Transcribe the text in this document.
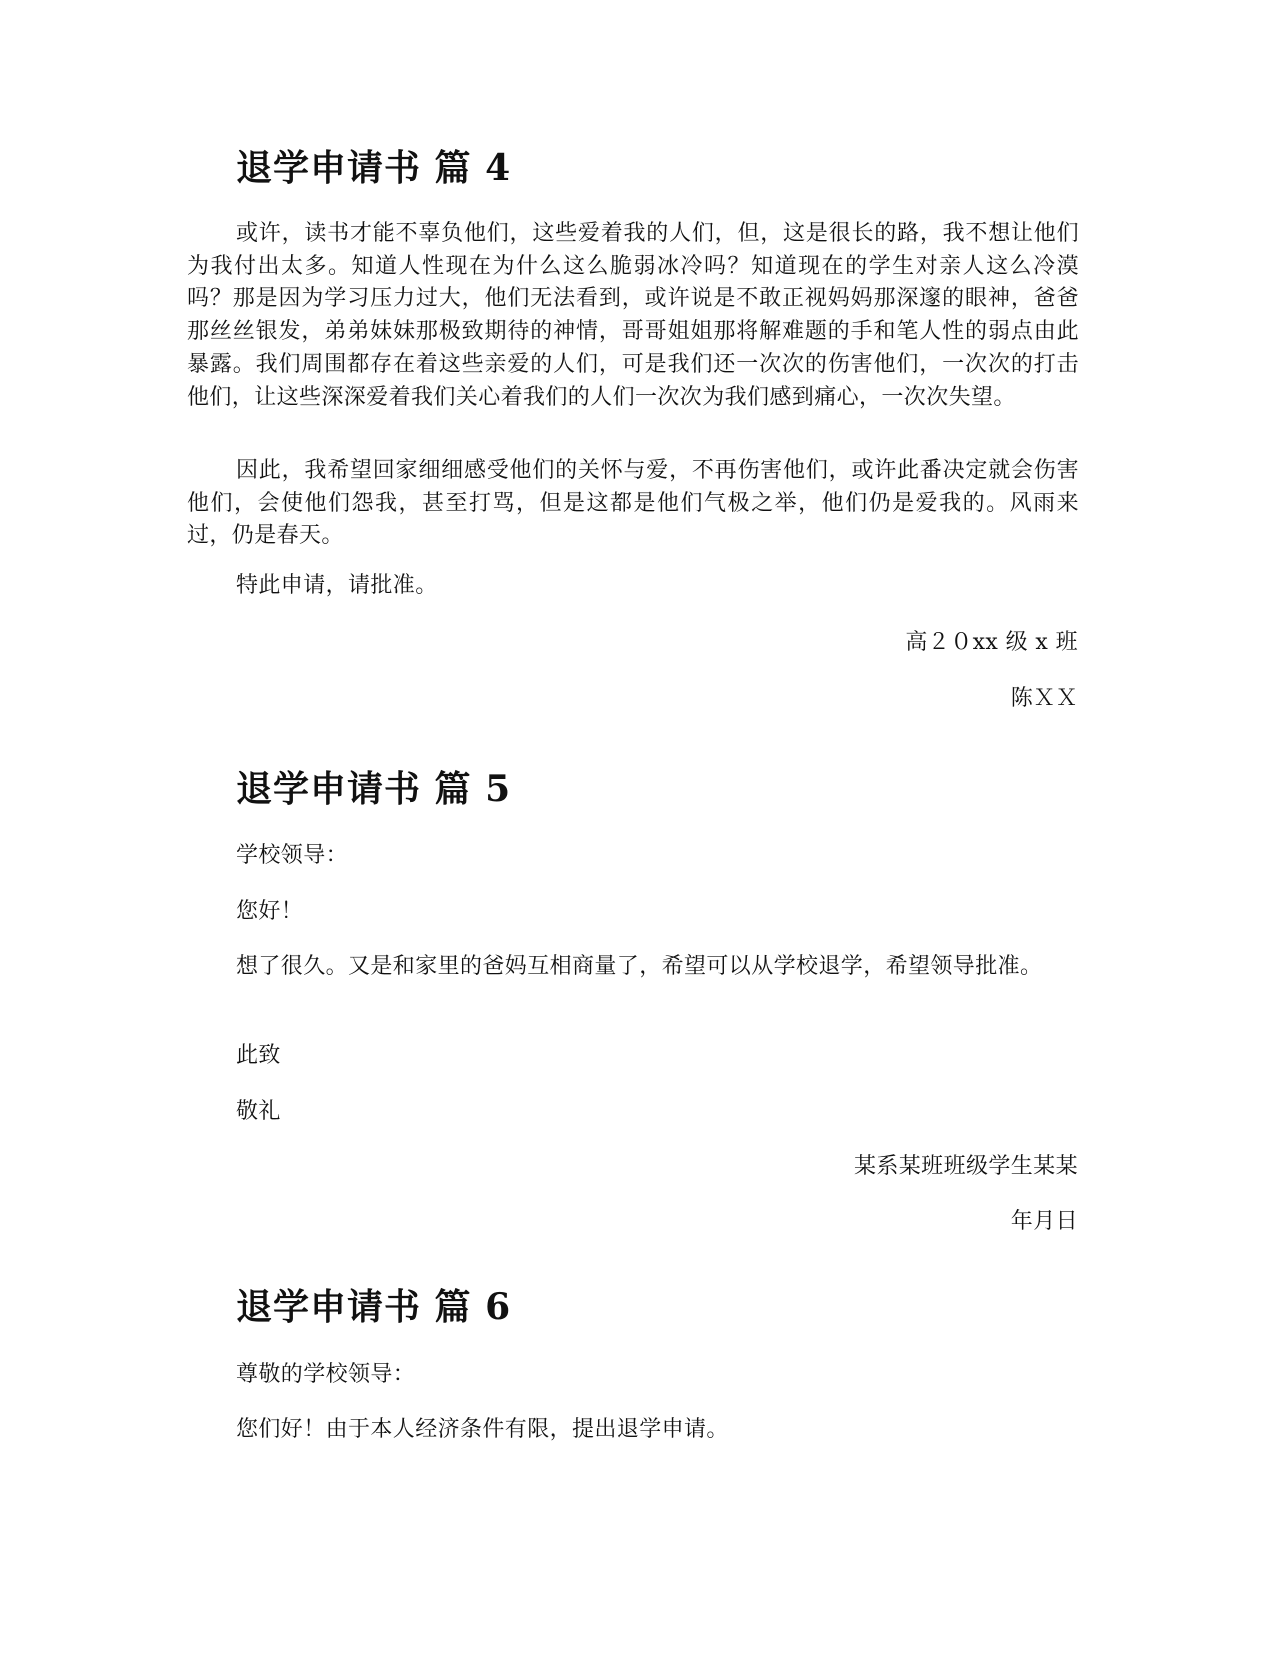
退学申请书 篇 4

或许，读书才能不辜负他们，这些爱着我的人们，但，这是很长的路，我不想让他们为我付出太多。知道人性现在为什么这么脆弱冰冷吗？知道现在的学生对亲人这么冷漠吗？那是因为学习压力过大，他们无法看到，或许说是不敢正视妈妈那深邃的眼神，爸爸那丝丝银发，弟弟妹妹那极致期待的神情，哥哥姐姐那将解难题的手和笔人性的弱点由此暴露。我们周围都存在着这些亲爱的人们，可是我们还一次次的伤害他们，一次次的打击他们，让这些深深爱着我们关心着我们的人们一次次为我们感到痛心，一次次失望。

因此，我希望回家细细感受他们的关怀与爱，不再伤害他们，或许此番决定就会伤害他们，会使他们怨我，甚至打骂，但是这都是他们气极之举，他们仍是爱我的。风雨来过，仍是春天。

特此申请，请批准。
高２０xx 级 x 班
陈ＸＸ
退学申请书 篇 5
学校领导：
您好！

想了很久。又是和家里的爸妈互相商量了，希望可以从学校退学，希望领导批准。

此致
敬礼
某系某班班级学生某某
年月日
退学申请书 篇 6
尊敬的学校领导：
您们好！由于本人经济条件有限，提出退学申请。
